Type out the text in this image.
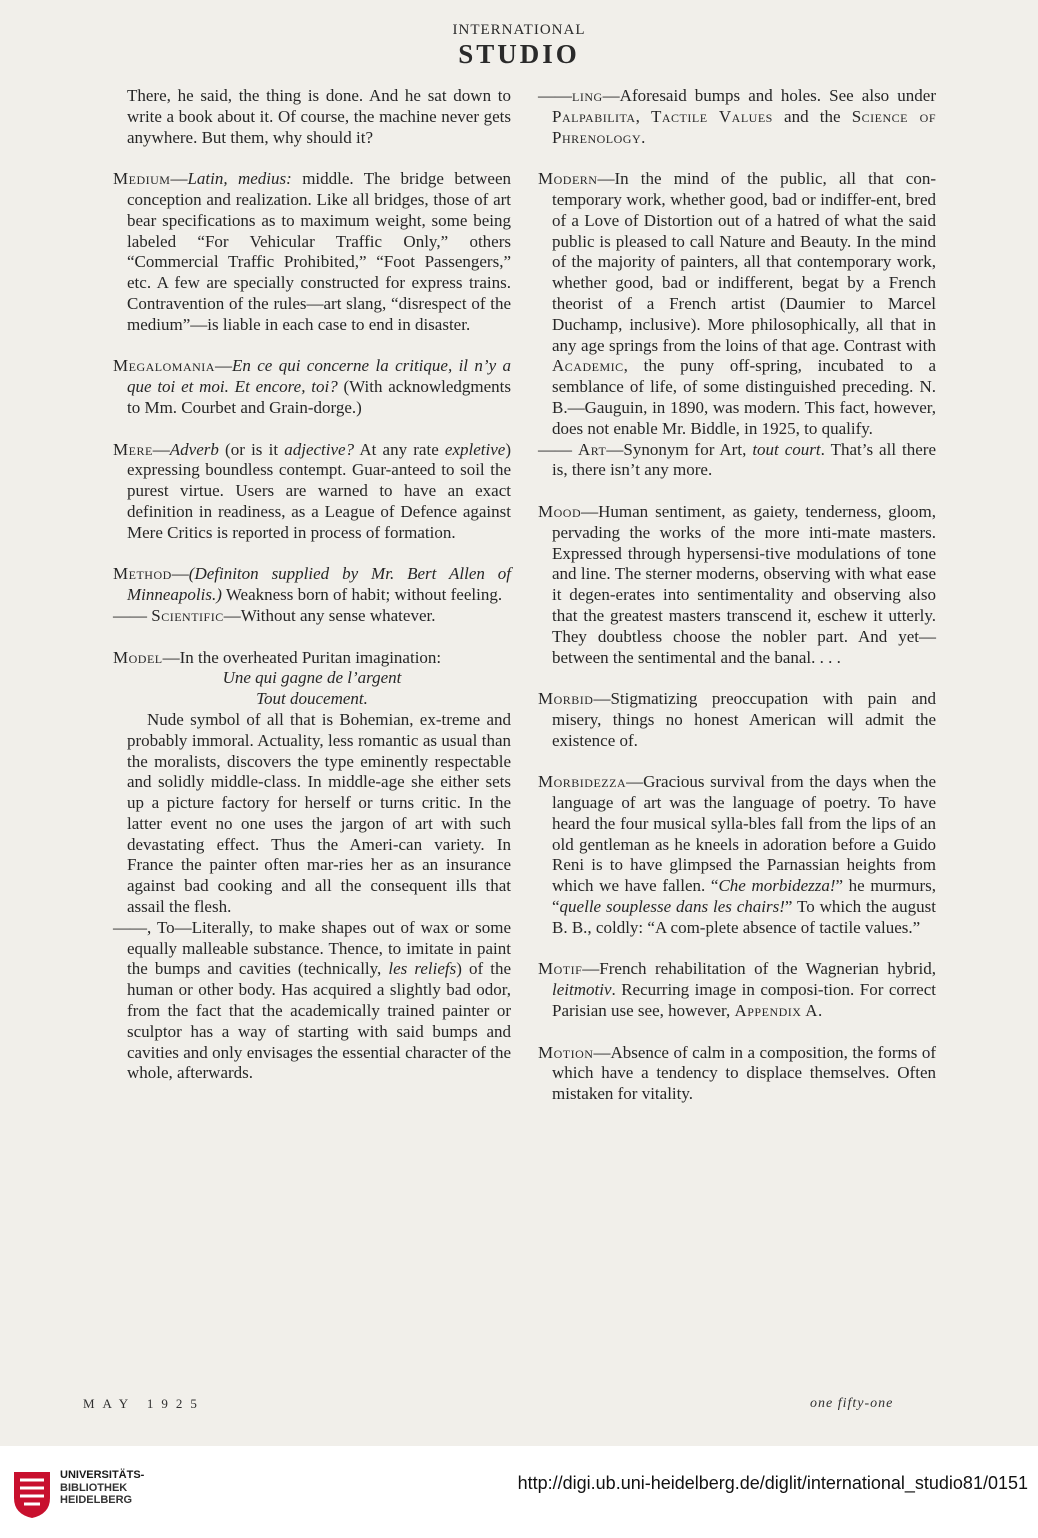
INTERNATIONAL
STUDIO

There, he said, the thing is done. And he sat down to write a book about it. Of course, the machine never gets anywhere. But them, why should it?

Medium—Latin, medius: middle. The bridge between conception and realization. Like all bridges, those of art bear specifications as to maximum weight, some being labeled “For Vehicular Traffic Only,” others “Commercial Traffic Prohibited,” “Foot Passengers,” etc. A few are specially constructed for express trains. Contravention of the rules—art slang, “disrespect of the medium”—is liable in each case to end in disaster.

Megalomania—En ce qui concerne la critique, il n’y a que toi et moi. Et encore, toi? (With acknowledgments to Mm. Courbet and Grain-dorge.)

Mere—Adverb (or is it adjective? At any rate expletive) expressing boundless contempt. Guar-anteed to soil the purest virtue. Users are warned to have an exact definition in readiness, as a League of Defence against Mere Critics is reported in process of formation.

Method—(Definiton supplied by Mr. Bert Allen of Minneapolis.) Weakness born of habit; without feeling.

—— Scientific—Without any sense whatever.

Model—In the overheated Puritan imagination:

Une qui gagne de l’argent

Tout doucement.

Nude symbol of all that is Bohemian, ex-treme and probably immoral. Actuality, less romantic as usual than the moralists, discovers the type eminently respectable and solidly middle-class. In middle-age she either sets up a picture factory for herself or turns critic. In the latter event no one uses the jargon of art with such devastating effect. Thus the Ameri-can variety. In France the painter often mar-ries her as an insurance against bad cooking and all the consequent ills that assail the flesh.

——, To—Literally, to make shapes out of wax or some equally malleable substance. Thence, to imitate in paint the bumps and cavities (technically, les reliefs) of the human or other body. Has acquired a slightly bad odor, from the fact that the academically trained painter or sculptor has a way of starting with said bumps and cavities and only envisages the essential character of the whole, afterwards.

——ling—Aforesaid bumps and holes. See also under Palpabilita, Tactile Values and the Science of Phrenology.

Modern—In the mind of the public, all that con-temporary work, whether good, bad or indiffer-ent, bred of a Love of Distortion out of a hatred of what the said public is pleased to call Nature and Beauty. In the mind of the majority of painters, all that contemporary work, whether good, bad or indifferent, begat by a French theorist of a French artist (Daumier to Marcel Duchamp, inclusive). More philosophically, all that in any age springs from the loins of that age. Contrast with Academic, the puny off-spring, incubated to a semblance of life, of some distinguished preceding. N. B.—Gauguin, in 1890, was modern. This fact, however, does not enable Mr. Biddle, in 1925, to qualify.

—— Art—Synonym for Art, tout court. That’s all there is, there isn’t any more.

Mood—Human sentiment, as gaiety, tenderness, gloom, pervading the works of the more inti-mate masters. Expressed through hypersensi-tive modulations of tone and line. The sterner moderns, observing with what ease it degen-erates into sentimentality and observing also that the greatest masters transcend it, eschew it utterly. They doubtless choose the nobler part. And yet—between the sentimental and the banal. . . .

Morbid—Stigmatizing preoccupation with pain and misery, things no honest American will admit the existence of.

Morbidezza—Gracious survival from the days when the language of art was the language of poetry. To have heard the four musical sylla-bles fall from the lips of an old gentleman as he kneels in adoration before a Guido Reni is to have glimpsed the Parnassian heights from which we have fallen. “Che morbidezza!” he murmurs, “quelle souplesse dans les chairs!” To which the august B. B., coldly: “A com-plete absence of tactile values.”

Motif—French rehabilitation of the Wagnerian hybrid, leitmotiv. Recurring image in composi-tion. For correct Parisian use see, however, Appendix A.

Motion—Absence of calm in a composition, the forms of which have a tendency to displace themselves. Often mistaken for vitality.

MAY 1925	one fifty-one
UNIVERSITÄTS-
BIBLIOTHEK
HEIDELBERG
http://digi.ub.uni-heidelberg.de/diglit/international_studio81/0151
